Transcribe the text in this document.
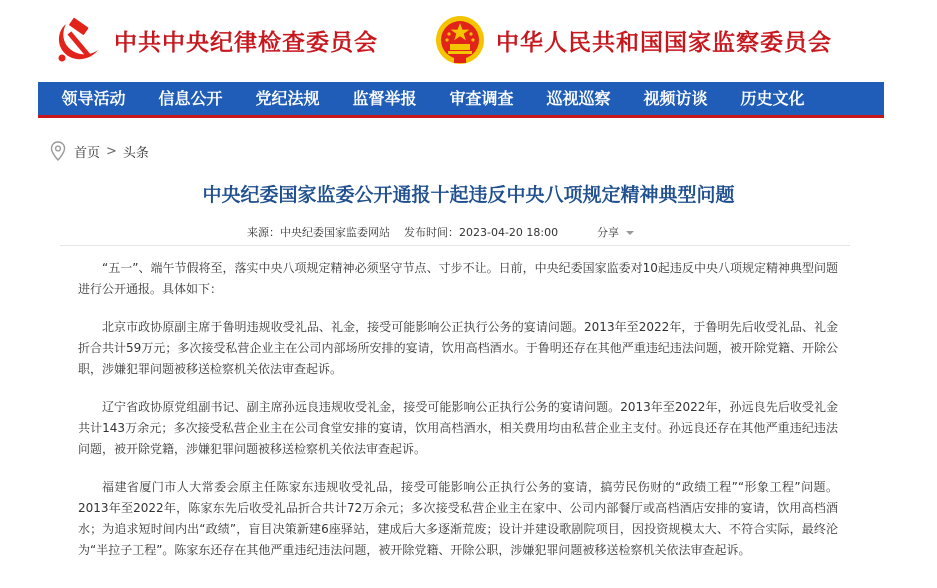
中共中央纪律检查委员会	中华人民共和国国家监察委员会
领导活动	信息公开	党纪法规	监督举报	审查调查	巡视巡察	视频访谈	历史文化
首页 > 头条
中央纪委国家监委公开通报十起违反中央八项规定精神典型问题
来源：中央纪委国家监委网站 发布时间：2023-04-20 18:00	分享

“五一”、端午节假将至，落实中央八项规定精神必须坚守节点、寸步不让。日前，中央纪委国家监委对10起违反中央八项规定精神典型问题进行公开通报。具体如下：

北京市政协原副主席于鲁明违规收受礼品、礼金，接受可能影响公正执行公务的宴请问题。2013年至2022年，于鲁明先后收受礼品、礼金折合共计59万元；多次接受私营企业主在公司内部场所安排的宴请，饮用高档酒水。于鲁明还存在其他严重违纪违法问题，被开除党籍、开除公职，涉嫌犯罪问题被移送检察机关依法审查起诉。

辽宁省政协原党组副书记、副主席孙远良违规收受礼金，接受可能影响公正执行公务的宴请问题。2013年至2022年，孙远良先后收受礼金共计143万余元；多次接受私营企业主在公司食堂安排的宴请，饮用高档酒水，相关费用均由私营企业主支付。孙远良还存在其他严重违纪违法问题，被开除党籍，涉嫌犯罪问题被移送检察机关依法审查起诉。

福建省厦门市人大常委会原主任陈家东违规收受礼品，接受可能影响公正执行公务的宴请，搞劳民伤财的“政绩工程”“形象工程”问题。2013年至2022年，陈家东先后收受礼品折合共计72万余元；多次接受私营企业主在家中、公司内部餐厅或高档酒店安排的宴请，饮用高档酒水；为追求短时间内出“政绩”，盲目决策新建6座驿站，建成后大多逐渐荒废；设计并建设歌剧院项目，因投资规模太大、不符合实际，最终沦为“半拉子工程”。陈家东还存在其他严重违纪违法问题，被开除党籍、开除公职，涉嫌犯罪问题被移送检察机关依法审查起诉。
